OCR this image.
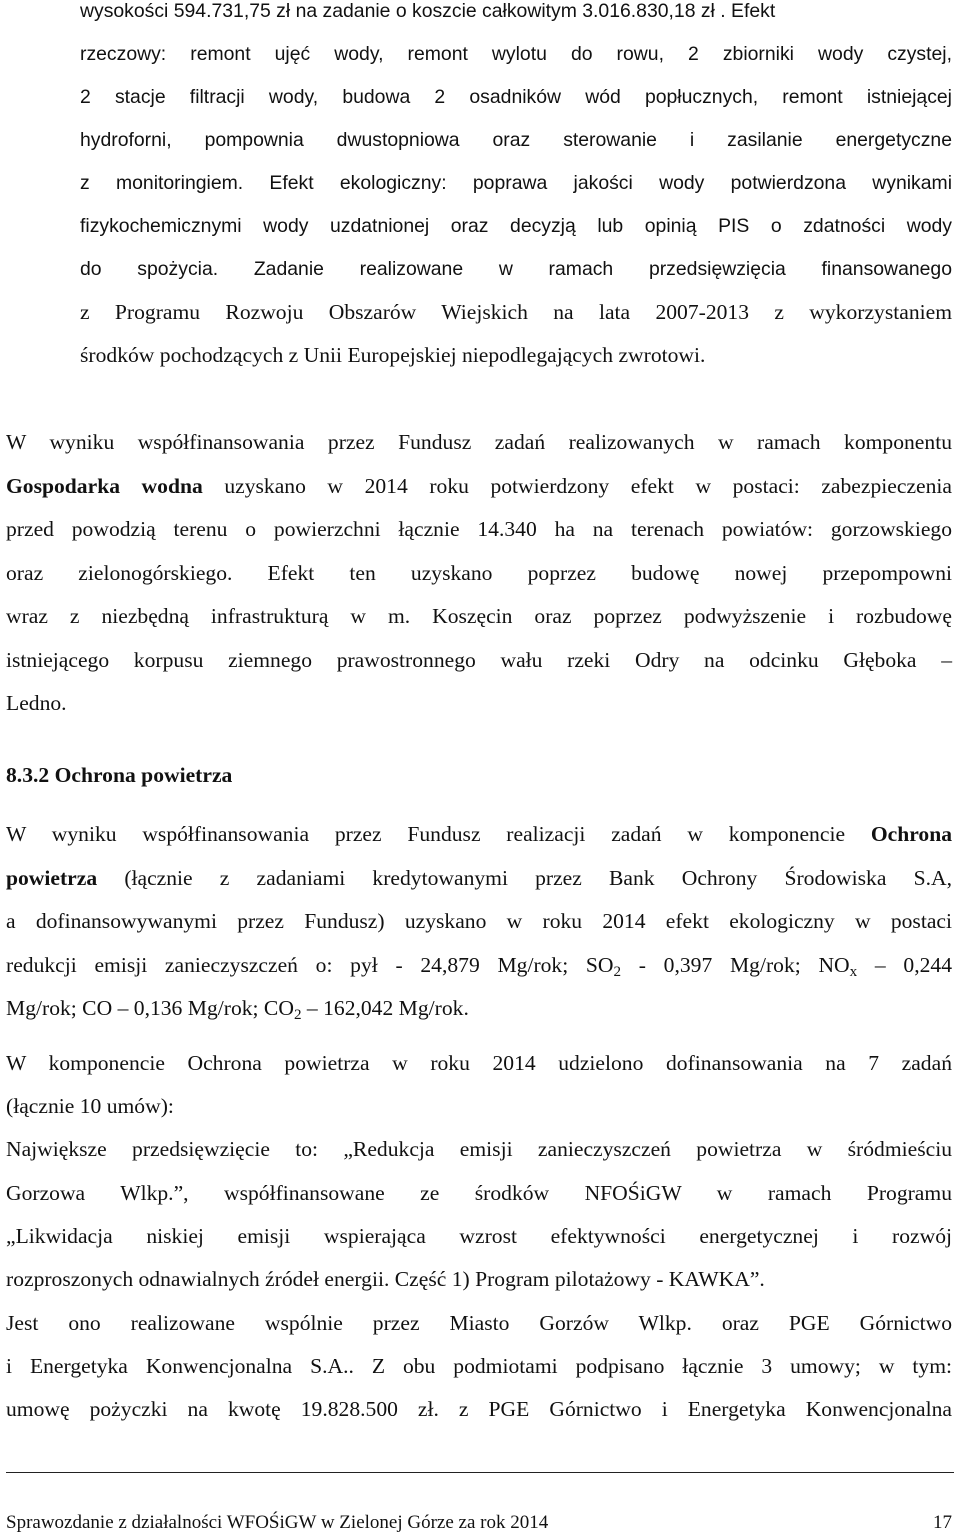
wysokości 594.731,75 zł na zadanie o koszcie całkowitym 3.016.830,18 zł . Efekt
rzeczowy: remont ujęć wody, remont wylotu do rowu, 2 zbiorniki wody czystej,
2 stacje filtracji wody, budowa 2 osadników wód popłucznych, remont istniejącej
hydroforni, pompownia dwustopniowa oraz sterowanie i zasilanie energetyczne
z monitoringiem. Efekt ekologiczny: poprawa jakości wody potwierdzona wynikami
fizykochemicznymi wody uzdatnionej oraz decyzją lub opinią PIS o zdatności wody
do spożycia. Zadanie realizowane w ramach przedsięwzięcia finansowanego
z Programu Rozwoju Obszarów Wiejskich na lata 2007-2013 z wykorzystaniem
środków pochodzących z Unii Europejskiej niepodlegających zwrotowi.
W wyniku współfinansowania przez Fundusz zadań realizowanych w ramach komponentu
Gospodarka wodna uzyskano w 2014 roku potwierdzony efekt w postaci: zabezpieczenia
przed powodzią terenu o powierzchni łącznie 14.340 ha na terenach powiatów: gorzowskiego
oraz zielonogórskiego. Efekt ten uzyskano poprzez budowę nowej przepompowni
wraz z niezbędną infrastrukturą w m. Koszęcin oraz poprzez podwyższenie i rozbudowę
istniejącego korpusu ziemnego prawostronnego wału rzeki Odry na odcinku Głęboka –
Ledno.
8.3.2 Ochrona powietrza
W wyniku współfinansowania przez Fundusz realizacji zadań w komponencie Ochrona
powietrza (łącznie z zadaniami kredytowanymi przez Bank Ochrony Środowiska S.A,
a dofinansowywanymi przez Fundusz) uzyskano w roku 2014 efekt ekologiczny w postaci
redukcji emisji zanieczyszczeń o: pył - 24,879 Mg/rok; $SO_2 - 0,397$ Mg/rok; $NO_x - 0,244$
Mg/rok; CO – 0,136 Mg/rok; $CO_2 - 162,042$ Mg/rok.
W komponencie Ochrona powietrza w roku 2014 udzielono dofinansowania na 7 zadań
(łącznie 10 umów):
Największe przedsięwzięcie to: „Redukcja emisji zanieczyszczeń powietrza w śródmieściu
Gorzowa Wlkp.”, współfinansowane ze środków NFOŚiGW w ramach Programu
„Likwidacja niskiej emisji wspierająca wzrost efektywności energetycznej i rozwój
rozproszonych odnawialnych źródeł energii. Część 1) Program pilotażowy - KAWKA”.
Jest ono realizowane wspólnie przez Miasto Gorzów Wlkp. oraz PGE Górnictwo
i Energetyka Konwencjonalna S.A.. Z obu podmiotami podpisano łącznie 3 umowy; w tym:
umowę pożyczki na kwotę 19.828.500 zł. z PGE Górnictwo i Energetyka Konwencjonalna
Sprawozdanie z działalności WFOŚiGW w Zielonej Górze za rok 2014	17
